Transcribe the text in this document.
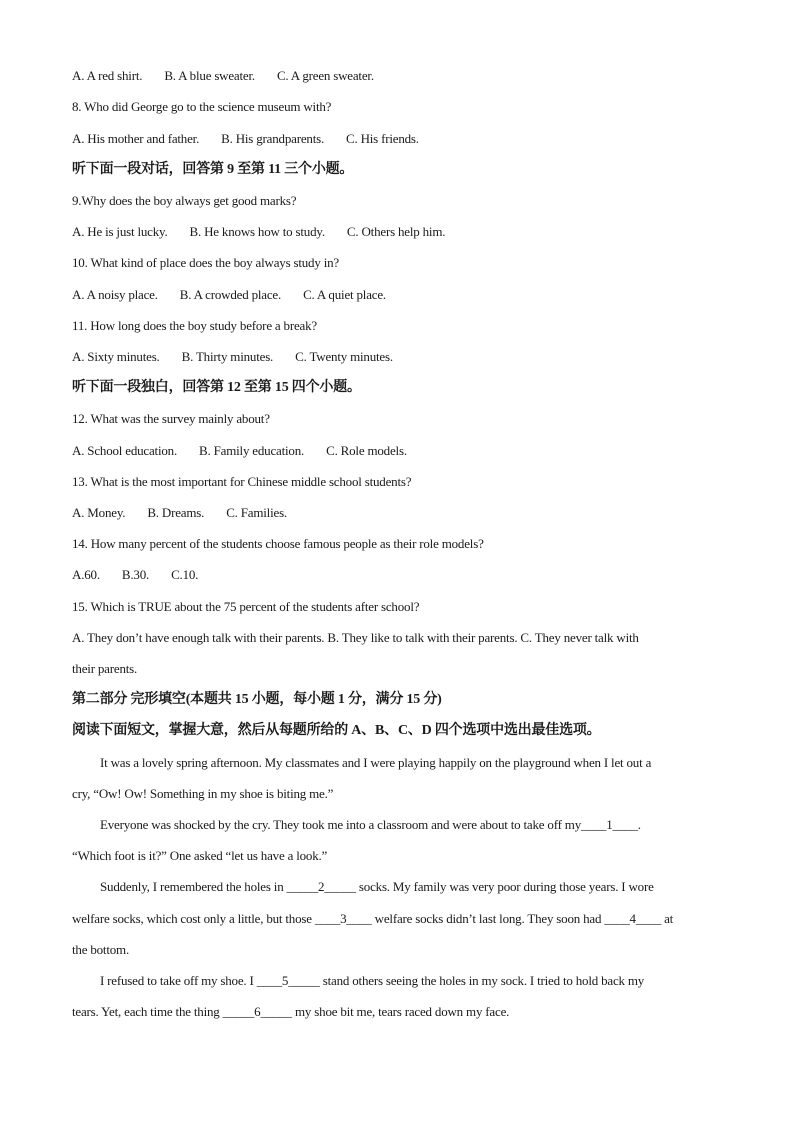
A. A red shirt. B. A blue sweater. C. A green sweater.
8. Who did George go to the science museum with?
A. His mother and father. B. His grandparents. C. His friends.
听下面一段对话，回答第 9 至第 11 三个小题。
9.Why does the boy always get good marks?
A. He is just lucky. B. He knows how to study. C. Others help him.
10. What kind of place does the boy always study in?
A. A noisy place. B. A crowded place. C. A quiet place.
11. How long does the boy study before a break?
A. Sixty minutes. B. Thirty minutes. C. Twenty minutes.
听下面一段独白，回答第 12 至第 15 四个小题。
12. What was the survey mainly about?
A. School education. B. Family education. C. Role models.
13. What is the most important for Chinese middle school students?
A. Money. B. Dreams. C. Families.
14. How many percent of the students choose famous people as their role models?
A.60. B.30. C.10.
15. Which is TRUE about the 75 percent of the students after school?
A. They don’t have enough talk with their parents. B. They like to talk with their parents. C. They never talk with
their parents.
第二部分 完形填空(本题共 15 小题，每小题 1 分，满分 15 分)
阅读下面短文，掌握大意，然后从每题所给的 A、B、C、D 四个选项中选出最佳选项。
It was a lovely spring afternoon. My classmates and I were playing happily on the playground when I let out a
cry, “Ow! Ow! Something in my shoe is biting me.”
Everyone was shocked by the cry. They took me into a classroom and were about to take off my____1____.
“Which foot is it?” One asked “let us have a look.”
Suddenly, I remembered the holes in _____2_____ socks. My family was very poor during those years. I wore
welfare socks, which cost only a little, but those ____3____ welfare socks didn’t last long. They soon had ____4____ at
the bottom.
I refused to take off my shoe. I ____5_____ stand others seeing the holes in my sock. I tried to hold back my
tears. Yet, each time the thing _____6_____ my shoe bit me, tears raced down my face.
